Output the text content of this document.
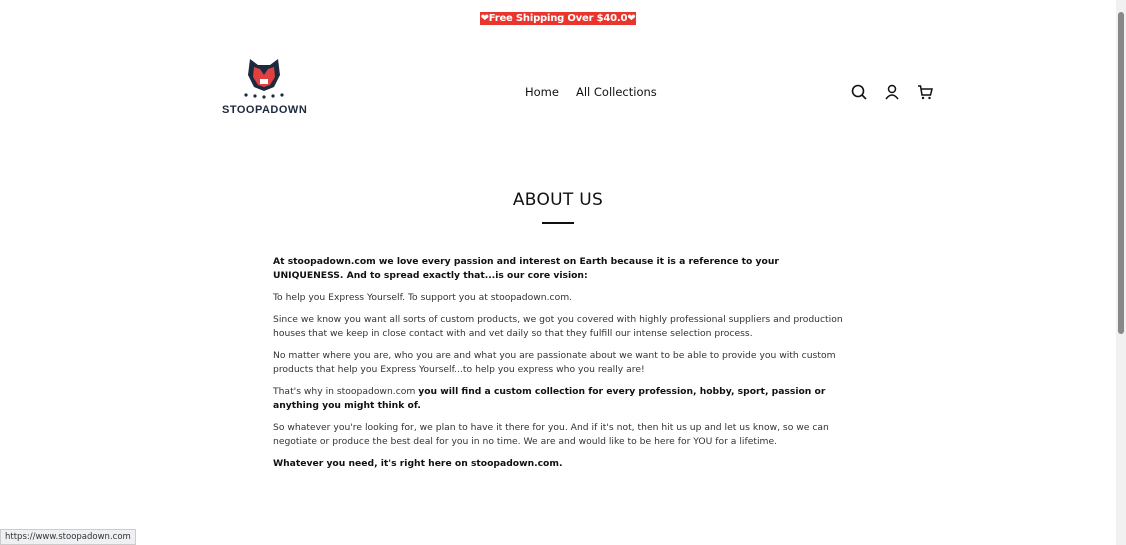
❤Free Shipping Over $40.0❤
STOOPADOWN
Home All Collections
ABOUT US

At stoopadown.com we love every passion and interest on Earth because it is a reference to your UNIQUENESS. And to spread exactly that...is our core vision:

To help you Express Yourself. To support you at stoopadown.com.

Since we know you want all sorts of custom products, we got you covered with highly professional suppliers and production houses that we keep in close contact with and vet daily so that they fulfill our intense selection process.

No matter where you are, who you are and what you are passionate about we want to be able to provide you with custom products that help you Express Yourself...to help you express who you really are!

That's why in stoopadown.com you will find a custom collection for every profession, hobby, sport, passion or anything you might think of.

So whatever you're looking for, we plan to have it there for you. And if it's not, then hit us up and let us know, so we can negotiate or produce the best deal for you in no time. We are and would like to be here for YOU for a lifetime.

Whatever you need, it's right here on stoopadown.com.

https://www.stoopadown.com
